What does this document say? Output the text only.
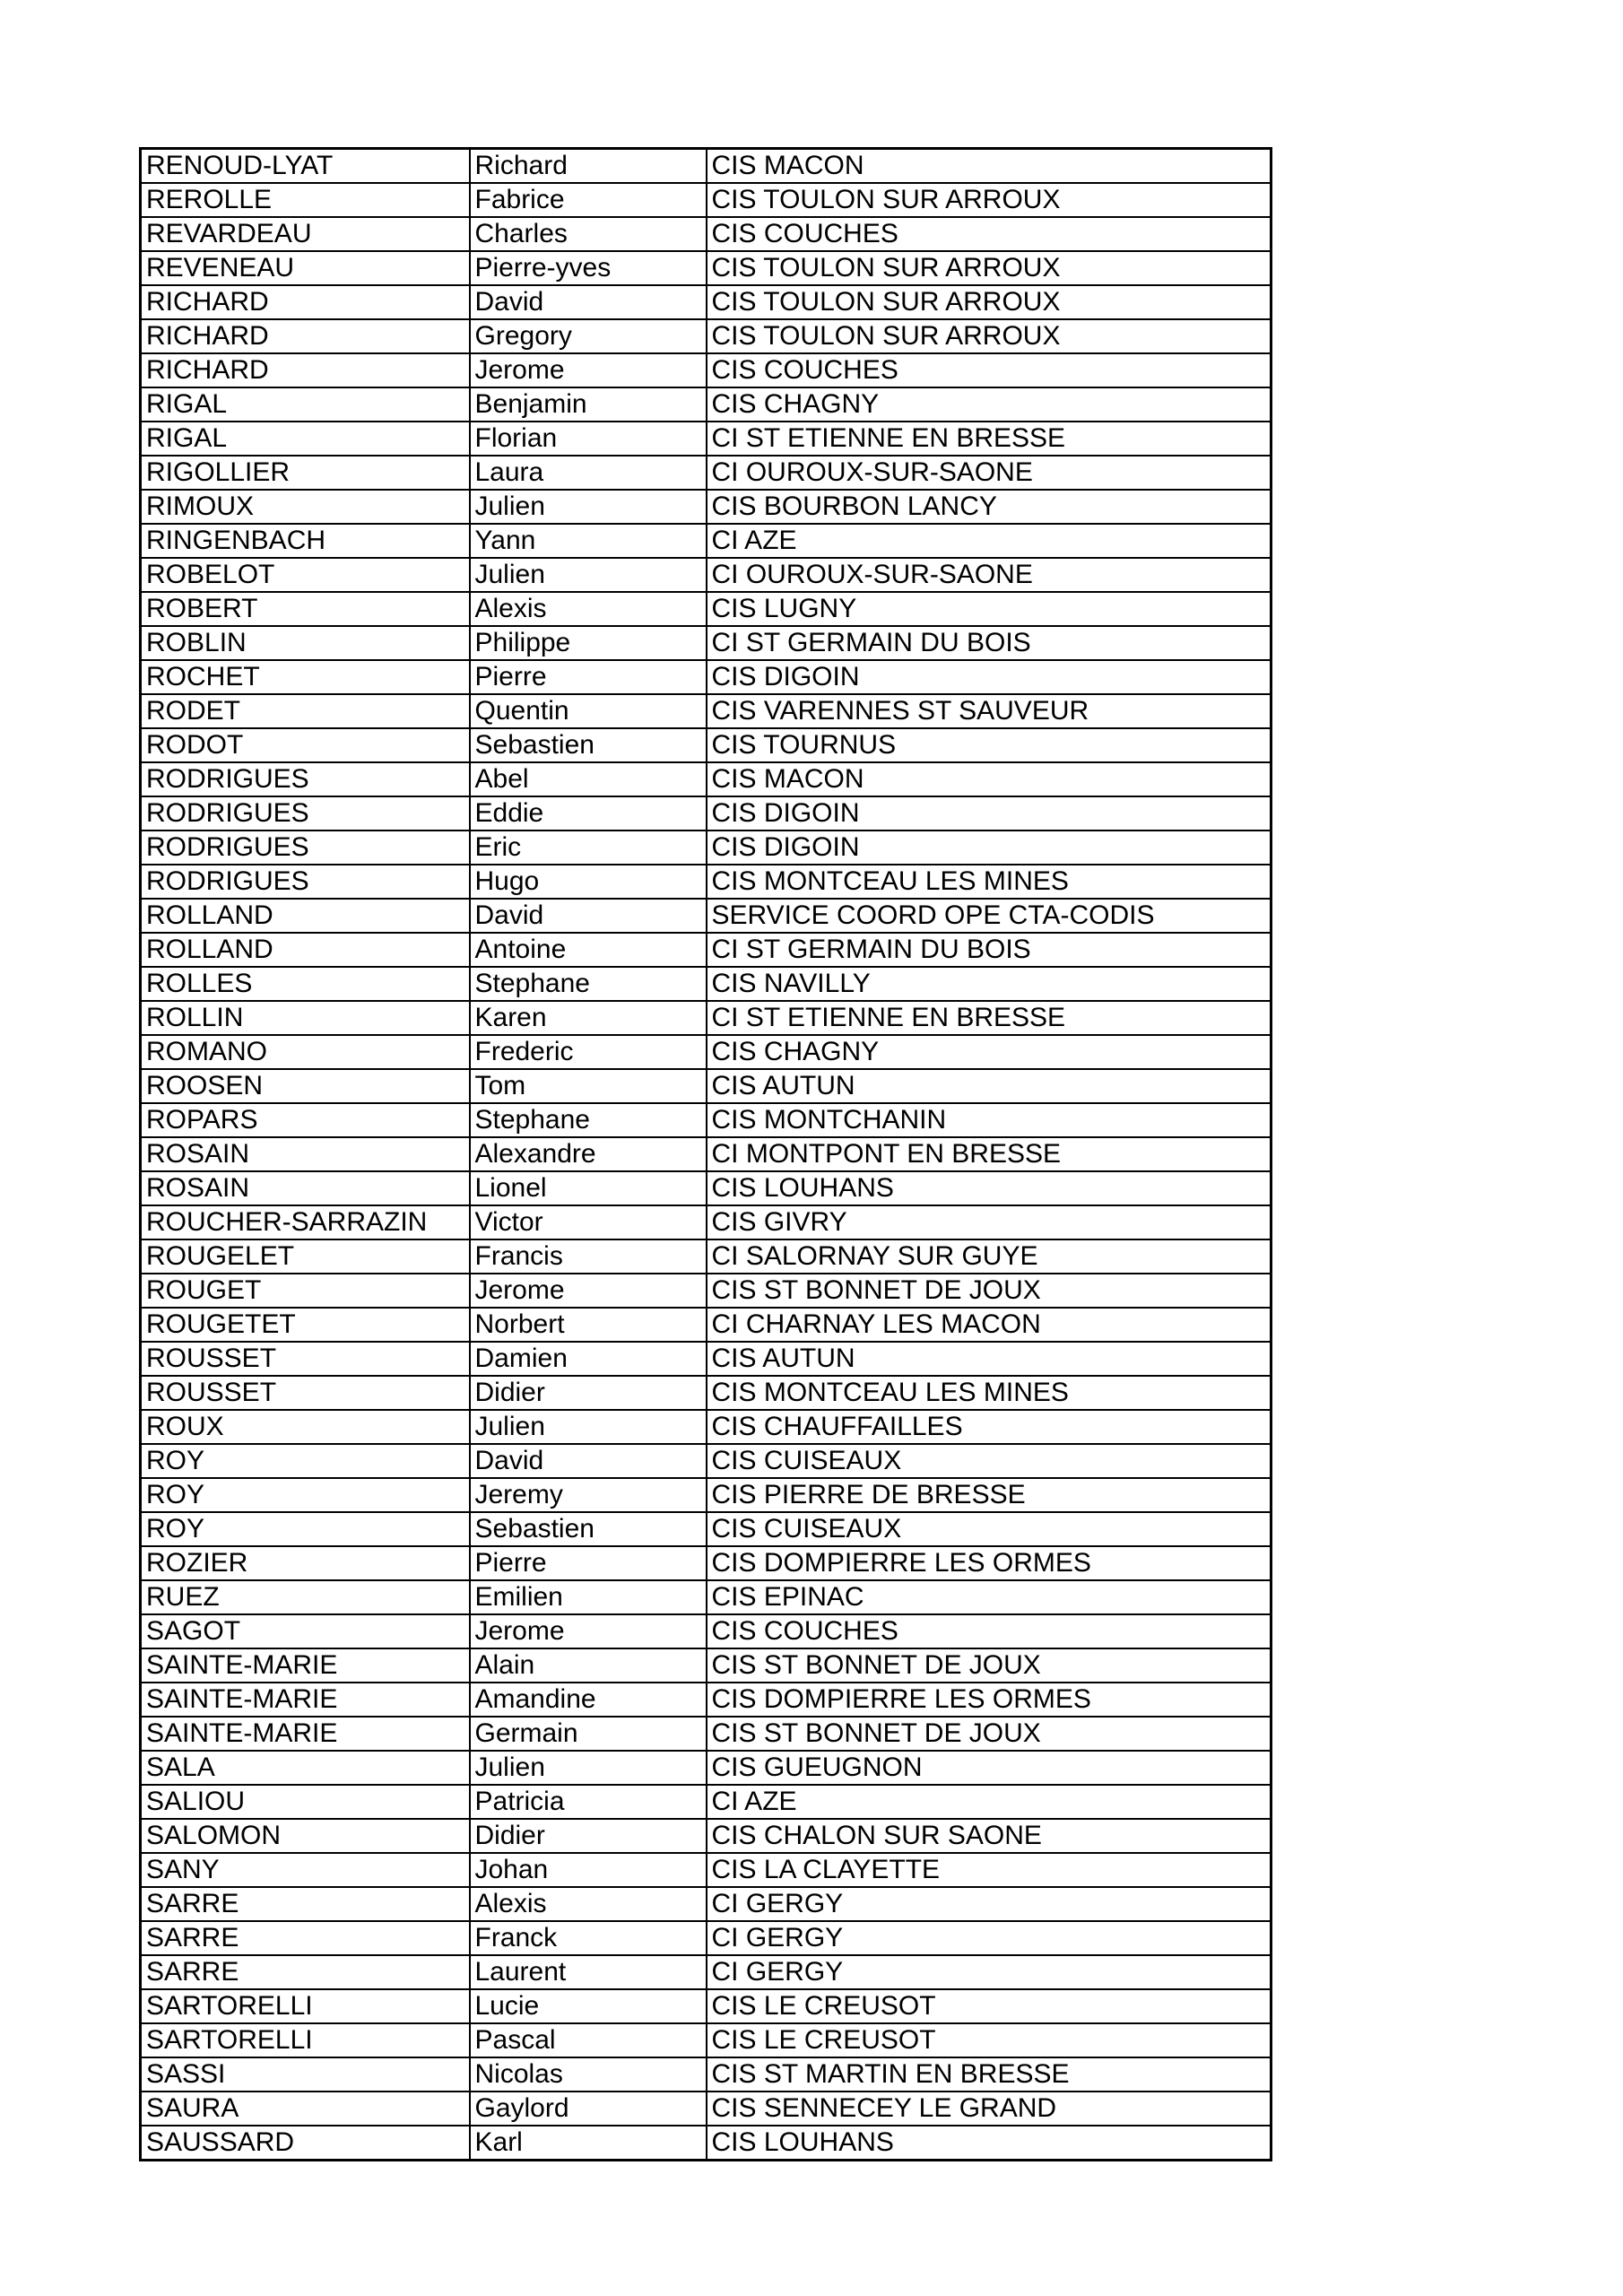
RENOUD-LYAT	Richard	CIS MACON
REROLLE	Fabrice	CIS TOULON SUR ARROUX
REVARDEAU	Charles	CIS COUCHES
REVENEAU	Pierre-yves	CIS TOULON SUR ARROUX
RICHARD	David	CIS TOULON SUR ARROUX
RICHARD	Gregory	CIS TOULON SUR ARROUX
RICHARD	Jerome	CIS COUCHES
RIGAL	Benjamin	CIS CHAGNY
RIGAL	Florian	CI ST ETIENNE EN BRESSE
RIGOLLIER	Laura	CI OUROUX-SUR-SAONE
RIMOUX	Julien	CIS BOURBON LANCY
RINGENBACH	Yann	CI AZE
ROBELOT	Julien	CI OUROUX-SUR-SAONE
ROBERT	Alexis	CIS LUGNY
ROBLIN	Philippe	CI ST GERMAIN DU BOIS
ROCHET	Pierre	CIS DIGOIN
RODET	Quentin	CIS VARENNES ST SAUVEUR
RODOT	Sebastien	CIS TOURNUS
RODRIGUES	Abel	CIS MACON
RODRIGUES	Eddie	CIS DIGOIN
RODRIGUES	Eric	CIS DIGOIN
RODRIGUES	Hugo	CIS MONTCEAU LES MINES
ROLLAND	David	SERVICE COORD OPE CTA-CODIS
ROLLAND	Antoine	CI ST GERMAIN DU BOIS
ROLLES	Stephane	CIS NAVILLY
ROLLIN	Karen	CI ST ETIENNE EN BRESSE
ROMANO	Frederic	CIS CHAGNY
ROOSEN	Tom	CIS AUTUN
ROPARS	Stephane	CIS MONTCHANIN
ROSAIN	Alexandre	CI MONTPONT EN BRESSE
ROSAIN	Lionel	CIS LOUHANS
ROUCHER-SARRAZIN	Victor	CIS GIVRY
ROUGELET	Francis	CI SALORNAY SUR GUYE
ROUGET	Jerome	CIS ST BONNET DE JOUX
ROUGETET	Norbert	CI CHARNAY LES MACON
ROUSSET	Damien	CIS AUTUN
ROUSSET	Didier	CIS MONTCEAU LES MINES
ROUX	Julien	CIS CHAUFFAILLES
ROY	David	CIS CUISEAUX
ROY	Jeremy	CIS PIERRE DE BRESSE
ROY	Sebastien	CIS CUISEAUX
ROZIER	Pierre	CIS DOMPIERRE LES ORMES
RUEZ	Emilien	CIS EPINAC
SAGOT	Jerome	CIS COUCHES
SAINTE-MARIE	Alain	CIS ST BONNET DE JOUX
SAINTE-MARIE	Amandine	CIS DOMPIERRE LES ORMES
SAINTE-MARIE	Germain	CIS ST BONNET DE JOUX
SALA	Julien	CIS GUEUGNON
SALIOU	Patricia	CI AZE
SALOMON	Didier	CIS CHALON SUR SAONE
SANY	Johan	CIS LA CLAYETTE
SARRE	Alexis	CI GERGY
SARRE	Franck	CI GERGY
SARRE	Laurent	CI GERGY
SARTORELLI	Lucie	CIS LE CREUSOT
SARTORELLI	Pascal	CIS LE CREUSOT
SASSI	Nicolas	CIS ST MARTIN EN BRESSE
SAURA	Gaylord	CIS SENNECEY LE GRAND
SAUSSARD	Karl	CIS LOUHANS
